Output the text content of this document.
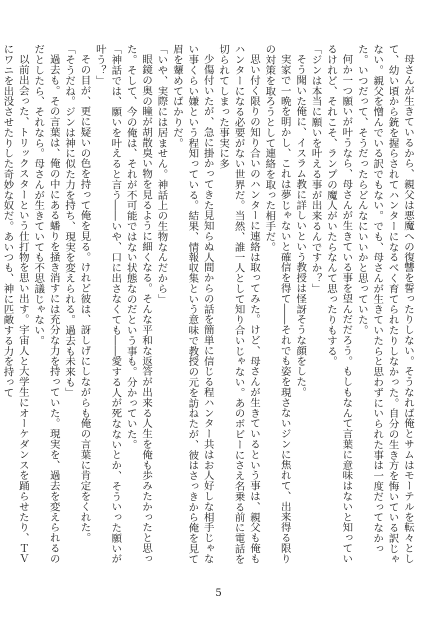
母さんが生きているから、親父は悪魔への復讐を誓ったりしない。そうなれば俺とサムはモーテルを転々として、幼い頃から銃を握らされてハンターになるべく育てられたりしなかった。自分の生き方を悔いている訳じゃない。親父を憎んでいる訳でもない。でも、母さんが生きていたらと思わずにいられた事は一度だってなかった。いつだって、そうだったらどんなにいいかと思っていた。

何か一つ願いが叶うなら、母さんが生きている事を望んだだろう。もしもなんて言葉に意味はないと知っているけれど、それこそ、ランプの魔人がいたらなんて思ったりもする。

「ジンは本当に願いを叶える事が出来るんですか？」

そう聞いた俺に、イスラム教に詳しいという教授は怪訝そうな顔をした。

実家で一晩を明かし、これは夢じゃないと確信を得て――それでも姿を現さないジンに焦れて、出来得る限りの対策を取ろうとして連絡を取った相手だ。

思い付く限りの知り合いのハンターに連絡は取ってみた。けど、母さんが生きているという事は、親父も俺もハンターになる必要がない世界だ。当然、誰一人として知り合いじゃない。あのボビーにさえ名乗る前に電話を切られてしまった事実に多

少傷付いたが、急に掛かってきた見知らぬ人間からの話を簡単に信じる程ハンター共はお人好しな相手じゃない事くらい嫌という程知っている。結果、情報収集という意味で教授の元を訪ねたが、彼はさっきから俺を見て眉を顰めてばかりだ。

「いや、実際には居ません。神話上の生物なんだから」

眼鏡の奥の瞳が胡散臭い物を見るように細くなる。そんな平和な返答が出来る人生を俺も歩みたかったと思った。そして、今の俺は、それが不可能ではない状態なのだという事も。分かっていた。

「神話では、願いを叶えると言う――いや、口に出さなくても――愛する人が死なないとか、そういった願いが叶う？」

その目が、更に疑いの色を持って俺を見る。けれど彼は、訝しげにしながらも俺の言葉に肯定をくれた。

「そうだね。ジンは神に似た力を持ち、現実を変えられる。過去も未来も」

過去も。その言葉は、俺の中にある蟠りを掻き消すには充分な力を持っていた。現実を、過去を変えられるのだとしたら、それなら。母さんが生きていても不思議じゃない。

以前出会った、トリックスターという仕打物を思い出す。宇宙人と大学生にオーケダンスを踊らせたり、ＴＶにワニを出没させたりした奇妙な奴だ。あいつも、神に匹敵する力を持って

5
